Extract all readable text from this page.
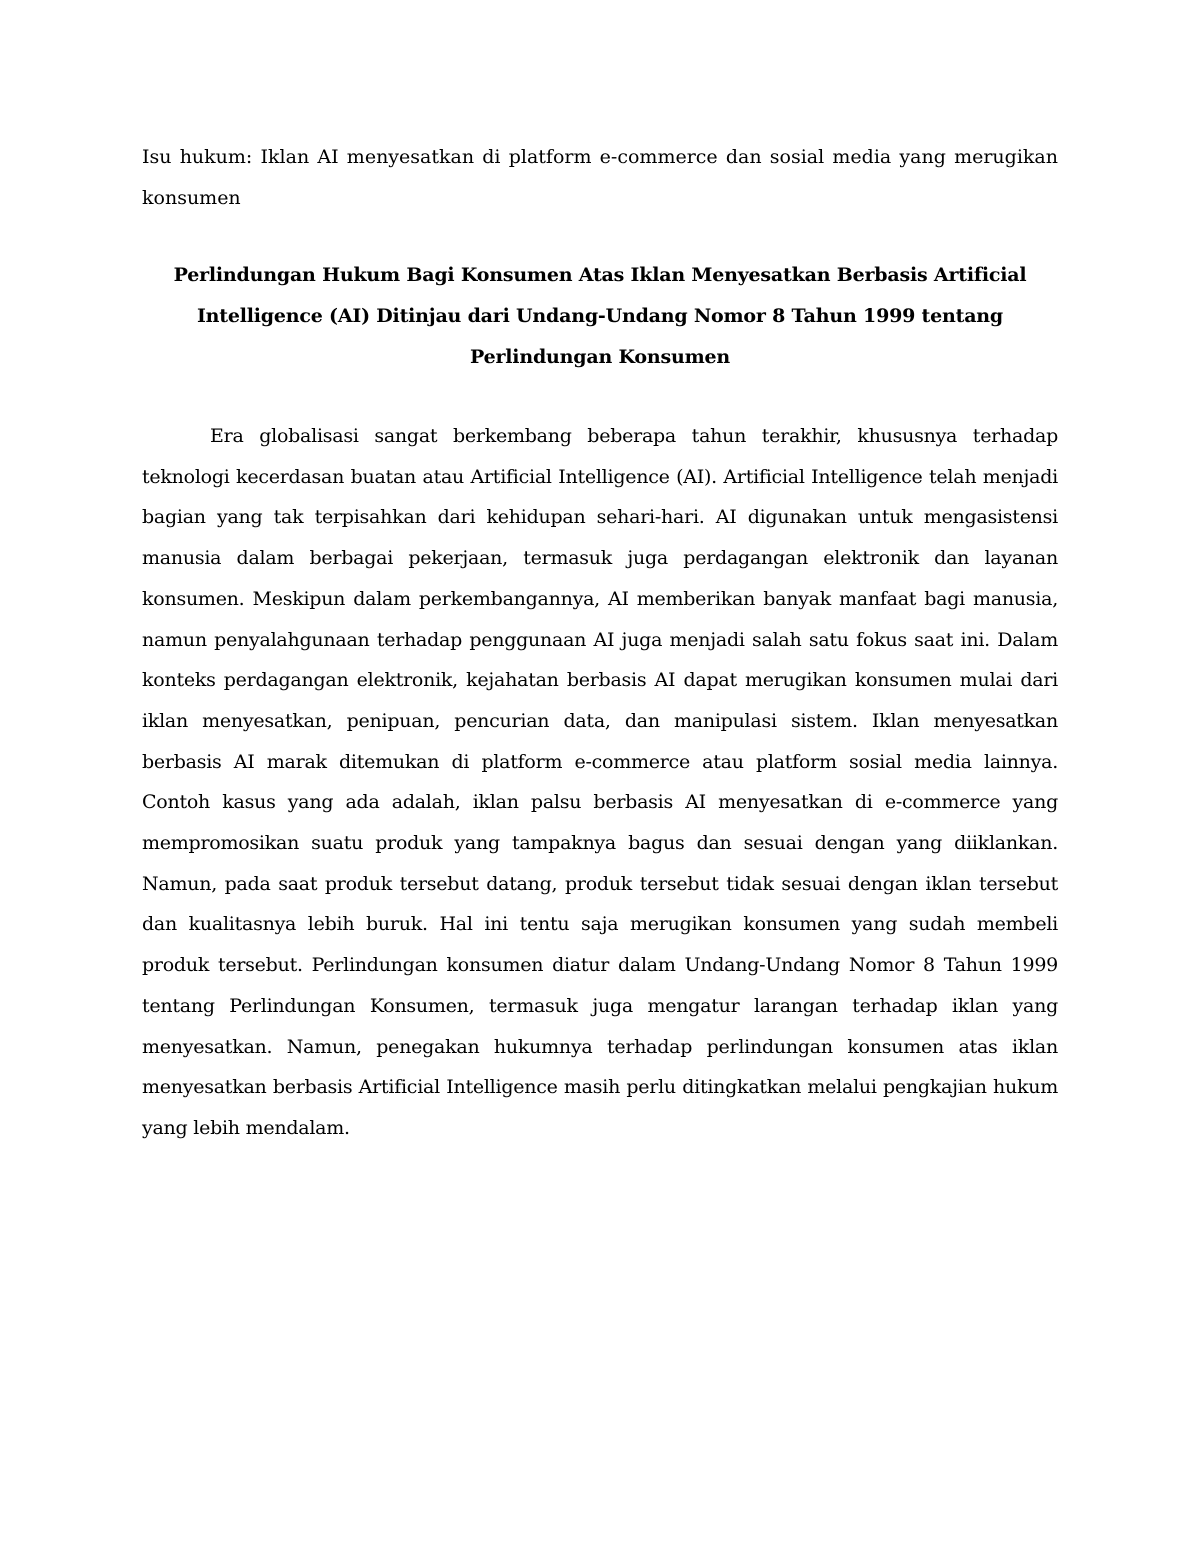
Isu hukum: Iklan AI menyesatkan di platform e-commerce dan sosial media yang merugikan konsumen

Perlindungan Hukum Bagi Konsumen Atas Iklan Menyesatkan Berbasis Artificial Intelligence (AI) Ditinjau dari Undang-Undang Nomor 8 Tahun 1999 tentang Perlindungan Konsumen

Era globalisasi sangat berkembang beberapa tahun terakhir, khususnya terhadap teknologi kecerdasan buatan atau Artificial Intelligence (AI). Artificial Intelligence telah menjadi bagian yang tak terpisahkan dari kehidupan sehari-hari. AI digunakan untuk mengasistensi manusia dalam berbagai pekerjaan, termasuk juga perdagangan elektronik dan layanan konsumen. Meskipun dalam perkembangannya, AI memberikan banyak manfaat bagi manusia, namun penyalahgunaan terhadap penggunaan AI juga menjadi salah satu fokus saat ini. Dalam konteks perdagangan elektronik, kejahatan berbasis AI dapat merugikan konsumen mulai dari iklan menyesatkan, penipuan, pencurian data, dan manipulasi sistem. Iklan menyesatkan berbasis AI marak ditemukan di platform e-commerce atau platform sosial media lainnya. Contoh kasus yang ada adalah, iklan palsu berbasis AI menyesatkan di e-commerce yang mempromosikan suatu produk yang tampaknya bagus dan sesuai dengan yang diiklankan. Namun, pada saat produk tersebut datang, produk tersebut tidak sesuai dengan iklan tersebut dan kualitasnya lebih buruk. Hal ini tentu saja merugikan konsumen yang sudah membeli produk tersebut. Perlindungan konsumen diatur dalam Undang-Undang Nomor 8 Tahun 1999 tentang Perlindungan Konsumen, termasuk juga mengatur larangan terhadap iklan yang menyesatkan. Namun, penegakan hukumnya terhadap perlindungan konsumen atas iklan menyesatkan berbasis Artificial Intelligence masih perlu ditingkatkan melalui pengkajian hukum yang lebih mendalam.
